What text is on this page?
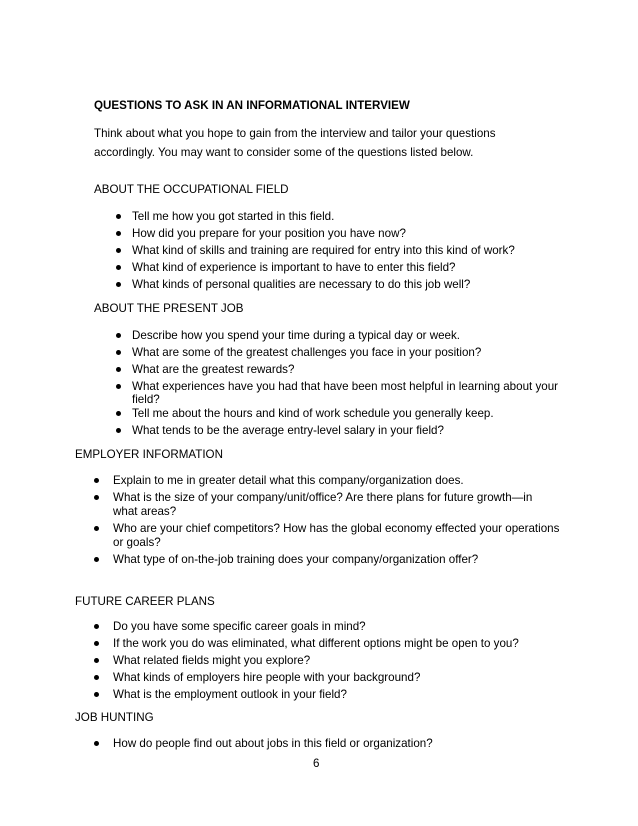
QUESTIONS TO ASK IN AN INFORMATIONAL INTERVIEW
Think about what you hope to gain from the interview and tailor your questions
accordingly. You may want to consider some of the questions listed below.
ABOUT THE OCCUPATIONAL FIELD
Tell me how you got started in this field.
How did you prepare for your position you have now?
What kind of skills and training are required for entry into this kind of work?
What kind of experience is important to have to enter this field?
What kinds of personal qualities are necessary to do this job well?
ABOUT THE PRESENT JOB
Describe how you spend your time during a typical day or week.
What are some of the greatest challenges you face in your position?
What are the greatest rewards?
What experiences have you had that have been most helpful in learning about your
field?
Tell me about the hours and kind of work schedule you generally keep.
What tends to be the average entry-level salary in your field?
EMPLOYER INFORMATION
Explain to me in greater detail what this company/organization does.
What is the size of your company/unit/office? Are there plans for future growth—in
what areas?
Who are your chief competitors? How has the global economy effected your operations
or goals?
What type of on-the-job training does your company/organization offer?
FUTURE CAREER PLANS
Do you have some specific career goals in mind?
If the work you do was eliminated, what different options might be open to you?
What related fields might you explore?
What kinds of employers hire people with your background?
What is the employment outlook in your field?
JOB HUNTING
How do people find out about jobs in this field or organization?
6
